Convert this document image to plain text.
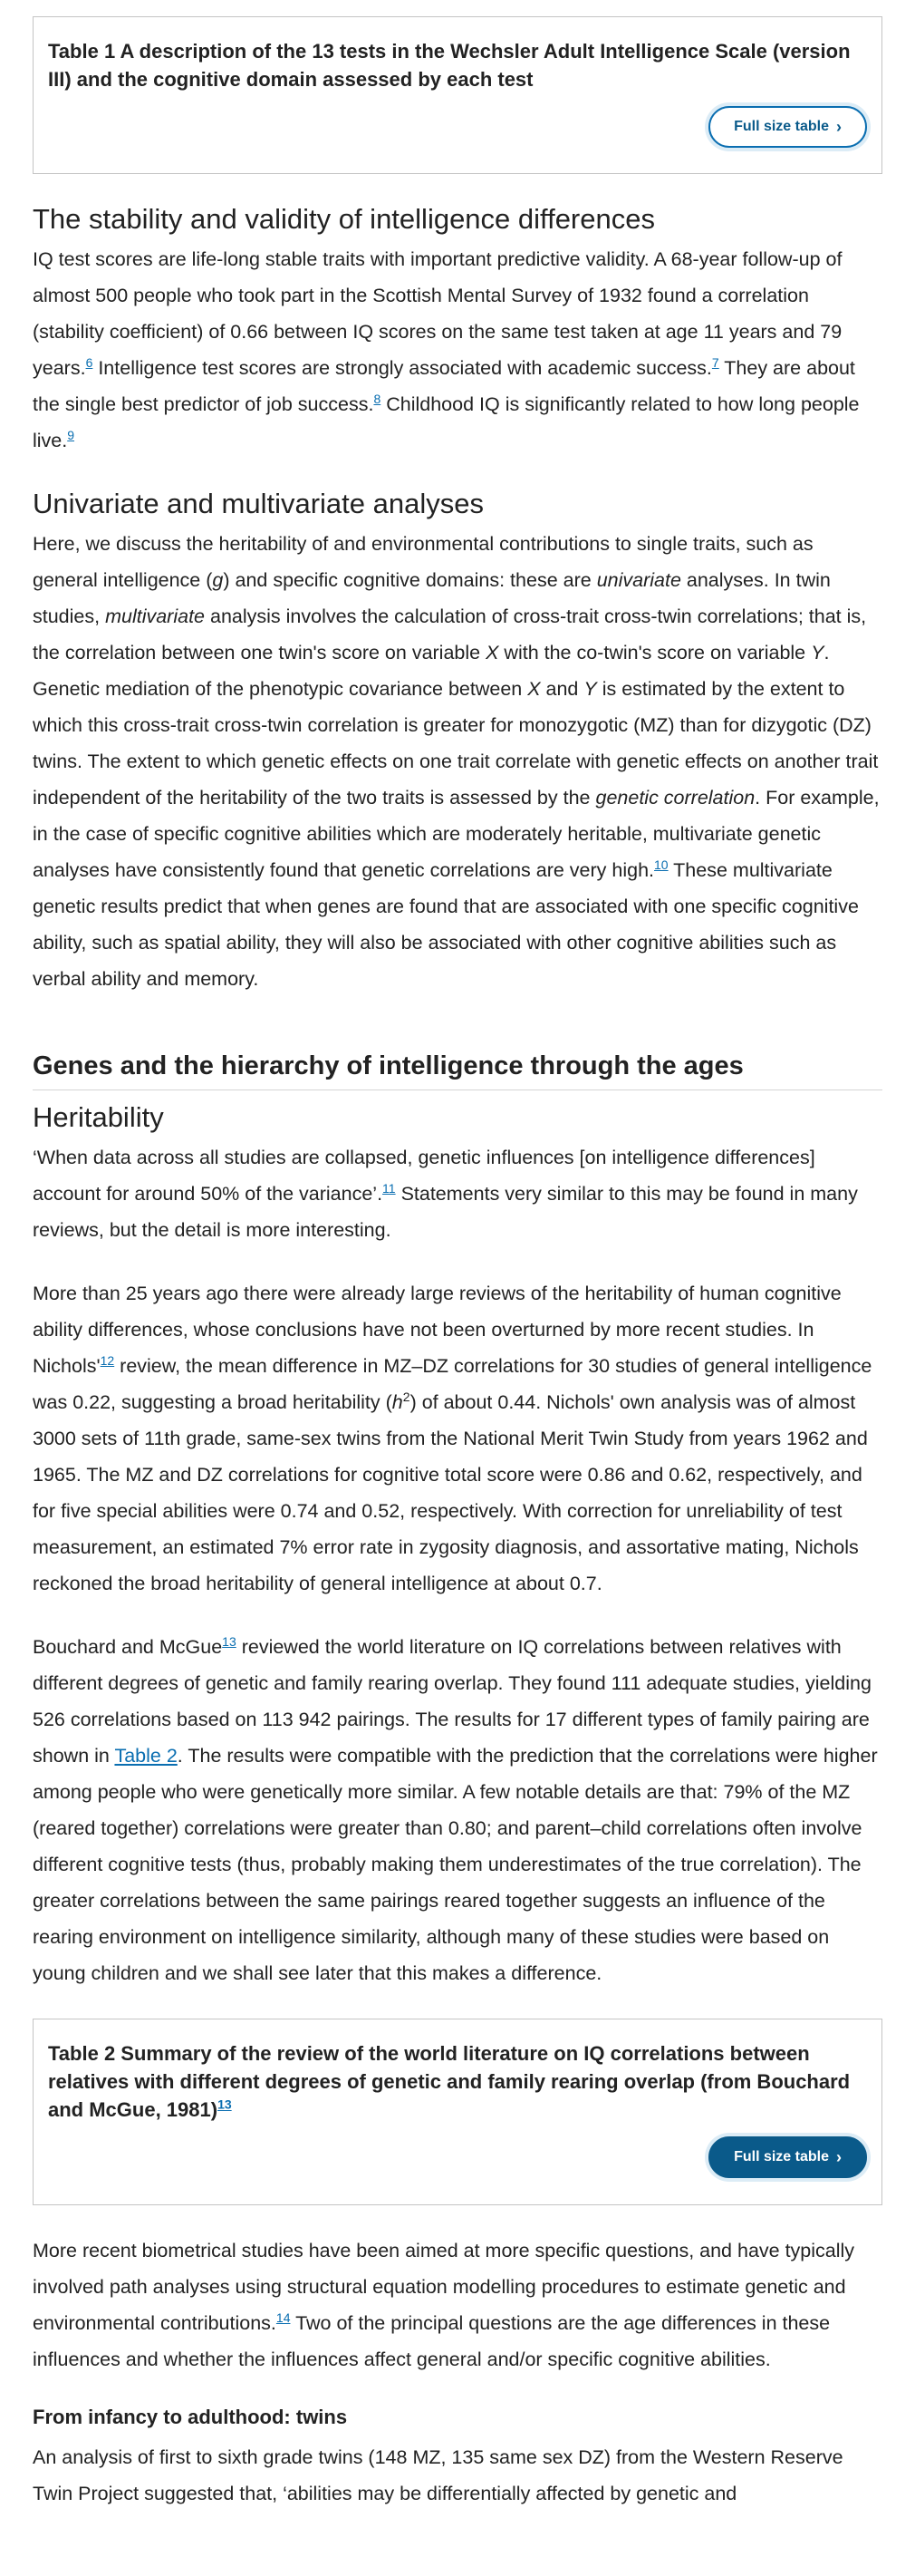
Table 1 A description of the 13 tests in the Wechsler Adult Intelligence Scale (version III) and the cognitive domain assessed by each test
Full size table ›
The stability and validity of intelligence differences

IQ test scores are life-long stable traits with important predictive validity. A 68-year follow-up of almost 500 people who took part in the Scottish Mental Survey of 1932 found a correlation (stability coefficient) of 0.66 between IQ scores on the same test taken at age 11 years and 79 years.$^6$ Intelligence test scores are strongly associated with academic success.$^7$ They are about the single best predictor of job success.$^8$ Childhood IQ is significantly related to how long people live.$^9$

Univariate and multivariate analyses

Here, we discuss the heritability of and environmental contributions to single traits, such as general intelligence (g) and specific cognitive domains: these are univariate analyses. In twin studies, multivariate analysis involves the calculation of cross-trait cross-twin correlations; that is, the correlation between one twin's score on variable X with the co-twin's score on variable Y. Genetic mediation of the phenotypic covariance between X and Y is estimated by the extent to which this cross-trait cross-twin correlation is greater for monozygotic (MZ) than for dizygotic (DZ) twins. The extent to which genetic effects on one trait correlate with genetic effects on another trait independent of the heritability of the two traits is assessed by the genetic correlation. For example, in the case of specific cognitive abilities which are moderately heritable, multivariate genetic analyses have consistently found that genetic correlations are very high.$^{10}$ These multivariate genetic results predict that when genes are found that are associated with one specific cognitive ability, such as spatial ability, they will also be associated with other cognitive abilities such as verbal ability and memory.

Genes and the hierarchy of intelligence through the ages
Heritability

‘When data across all studies are collapsed, genetic influences [on intelligence differences] account for around 50% of the variance’.$^{11}$ Statements very similar to this may be found in many reviews, but the detail is more interesting.

More than 25 years ago there were already large reviews of the heritability of human cognitive ability differences, whose conclusions have not been overturned by more recent studies. In Nichols'$^{12}$ review, the mean difference in MZ–DZ correlations for 30 studies of general intelligence was 0.22, suggesting a broad heritability $(h^2)$ of about 0.44. Nichols' own analysis was of almost 3000 sets of 11th grade, same-sex twins from the National Merit Twin Study from years 1962 and 1965. The MZ and DZ correlations for cognitive total score were 0.86 and 0.62, respectively, and for five special abilities were 0.74 and 0.52, respectively. With correction for unreliability of test measurement, an estimated 7% error rate in zygosity diagnosis, and assortative mating, Nichols reckoned the broad heritability of general intelligence at about 0.7.

Bouchard and McGue$^{13}$ reviewed the world literature on IQ correlations between relatives with different degrees of genetic and family rearing overlap. They found 111 adequate studies, yielding 526 correlations based on 113 942 pairings. The results for 17 different types of family pairing are shown in Table 2. The results were compatible with the prediction that the correlations were higher among people who were genetically more similar. A few notable details are that: 79% of the MZ (reared together) correlations were greater than 0.80; and parent–child correlations often involve different cognitive tests (thus, probably making them underestimates of the true correlation). The greater correlations between the same pairings reared together suggests an influence of the rearing environment on intelligence similarity, although many of these studies were based on young children and we shall see later that this makes a difference.

Table 2 Summary of the review of the world literature on IQ correlations between relatives with different degrees of genetic and family rearing overlap (from Bouchard and McGue, 1981)$^{13}$
Full size table ›

More recent biometrical studies have been aimed at more specific questions, and have typically involved path analyses using structural equation modelling procedures to estimate genetic and environmental contributions.$^{14}$ Two of the principal questions are the age differences in these influences and whether the influences affect general and/or specific cognitive abilities.

From infancy to adulthood: twins

An analysis of first to sixth grade twins (148 MZ, 135 same sex DZ) from the Western Reserve Twin Project suggested that, ‘abilities may be differentially affected by genetic and
